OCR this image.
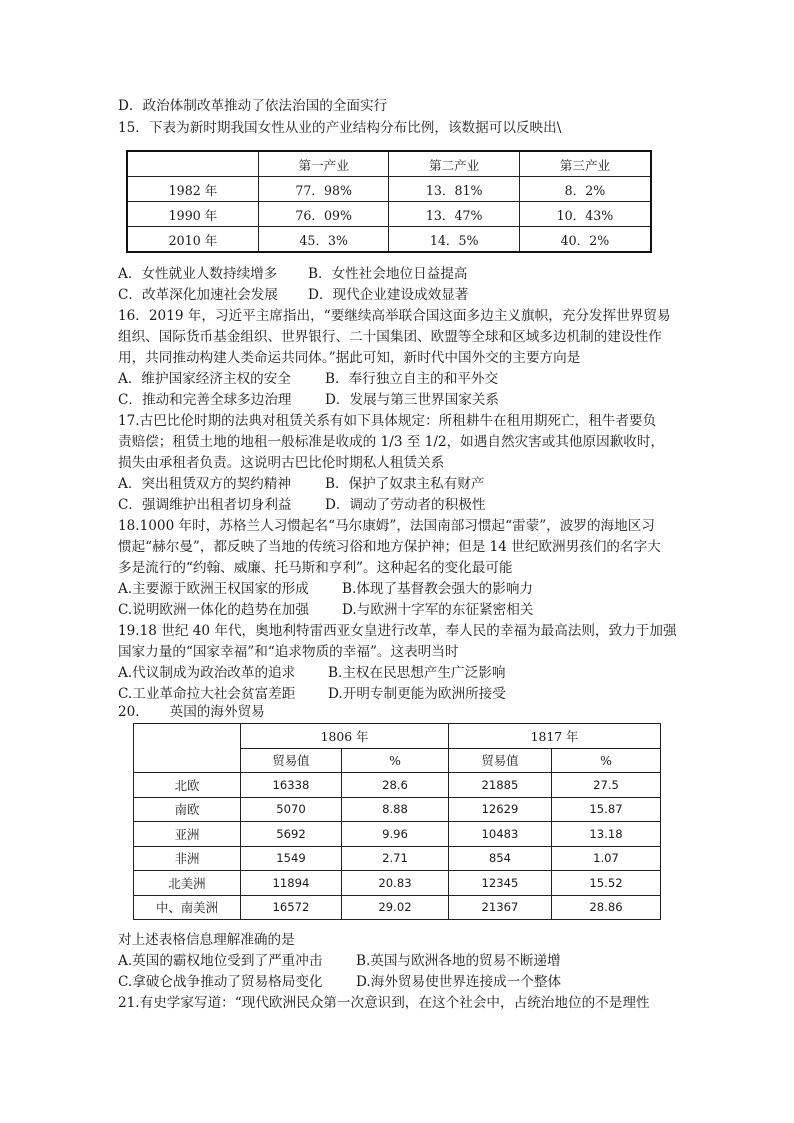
D．政治体制改革推动了依法治国的全面实行
15．下表为新时期我国女性从业的产业结构分布比例，该数据可以反映出\
	第一产业	第二产业	第三产业
1982 年	77．98%	13．81%	8．2%
1990 年	76．09%	13．47%	10．43%
2010 年	45．3%	14．5%	40．2%
A．女性就业人数持续增多 B．女性社会地位日益提高
C．改革深化加速社会发展 D．现代企业建设成效显著
16．2019 年，习近平主席指出，“要继续高举联合国这面多边主义旗帜，充分发挥世界贸易
组织、国际货币基金组织、世界银行、二十国集团、欧盟等全球和区域多边机制的建设性作
用，共同推动构建人类命运共同体。”据此可知，新时代中国外交的主要方向是
A．维护国家经济主权的安全	B．奉行独立自主的和平外交
C．推动和完善全球多边治理 D．发展与第三世界国家关系
17.古巴比伦时期的法典对租赁关系有如下具体规定：所租耕牛在租用期死亡，租牛者要负
责赔偿；租赁土地的地租一般标准是收成的 1/3 至 1/2，如遇自然灾害或其他原因歉收时，
损失由承租者负责。这说明古巴比伦时期私人租赁关系
A．突出租赁双方的契约精神	B．保护了奴隶主私有财产
C．强调维护出租者切身利益 D．调动了劳动者的积极性
18.1000 年时，苏格兰人习惯起名“马尔康姆”，法国南部习惯起“雷蒙”，波罗的海地区习
惯起“赫尔曼”，都反映了当地的传统习俗和地方保护神；但是 14 世纪欧洲男孩们的名字大
多是流行的“约翰、威廉、托马斯和亨利”。这种起名的变化最可能
A.主要源于欧洲王权国家的形成 B.体现了基督教会强大的影响力
C.说明欧洲一体化的趋势在加强 D.与欧洲十字军的东征紧密相关
19.18 世纪 40 年代，奥地利特雷西亚女皇进行改革，奉人民的幸福为最高法则，致力于加强
国家力量的“国家幸福”和“追求物质的幸福”。这表明当时
A.代议制成为政治改革的追求 B.主权在民思想产生广泛影响
C.工业革命拉大社会贫富差距 D.开明专制更能为欧洲所接受
20. 英国的海外贸易
	1806 年		1817 年	
	贸易值	%	贸易值	%
北欧	16338	28.6	21885	27.5
南欧	5070	8.88	12629	15.87
亚洲	5692	9.96	10483	13.18
非洲	1549	2.71	854	1.07
北美洲	11894	20.83	12345	15.52
中、南美洲	16572	29.02	21367	28.86
对上述表格信息理解准确的是
A.英国的霸权地位受到了严重冲击 B.英国与欧洲各地的贸易不断递增
C.拿破仑战争推动了贸易格局变化 D.海外贸易使世界连接成一个整体
21.有史学家写道：“现代欧洲民众第一次意识到，在这个社会中，占统治地位的不是理性
